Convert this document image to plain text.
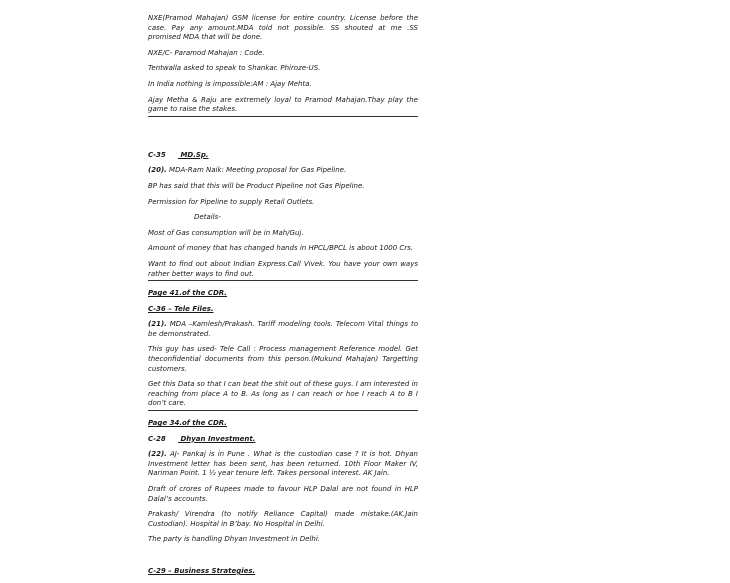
NXE(Pramod Mahajan) GSM license for entire country. License before the case. Pay any amount.MDA told not possible. SS shouted at me .SS promised MDA that will be done.

NXE/C- Paramod Mahajan : Code.

Tentwalla asked to speak to Shankar. Phiroze-US.

In India nothing is impossible:AM : Ajay Mehta.

Ajay Metha & Raju are extremely loyal to Pramod Mahajan.Thay play the game to raise the stakes.

C-35 MD.Sp.

(20). MDA-Ram Naik: Meeting proposal for Gas Pipeline.

BP has said that this will be Product Pipeline not Gas Pipeline.

Permission for Pipeline to supply Retail Outlets.

Details-

Most of Gas consumption will be in Mah/Guj.

Amount of money that has changed hands in HPCL/BPCL is about 1000 Crs.

Want to find out about Indian Express.Call Vivek. You have your own ways rather better ways to find out.

Page 41.of the CDR.

C-36 – Tele Files.

(21). MDA –Kamlesh/Prakash. Tariff modeling tools. Telecom Vital things to be demonstrated.

This guy has used- Tele Call : Process management Reference model. Get theconfidential documents from this person.(Mukund Mahajan) Targetting customers.

Get this Data so that I can beat the shit out of these guys. I am interested in reaching from place A to B. As long as I can reach or hoe I reach A to B I don’t care.

Page 34.of the CDR.

C-28 Dhyan Investment.

(22). AJ- Pankaj is in Pune . What is the custodian case ? It is hot. Dhyan Investment letter has been sent, has been returned. 10th Floor Maker IV, Nariman Point. 1 ½ year tenure left. Takes personal interest. AK Jain.

Draft of crores of Rupees made to favour HLP Dalal are not found in HLP Dalal’s accounts.

Prakash/ Virendra (to notify Reliance Capital) made mistake.(AK.Jain Custodian). Hospital in B’bay. No Hospital in Delhi.

The party is handling Dhyan Investment in Delhi.

C-29 – Business Strategies.
